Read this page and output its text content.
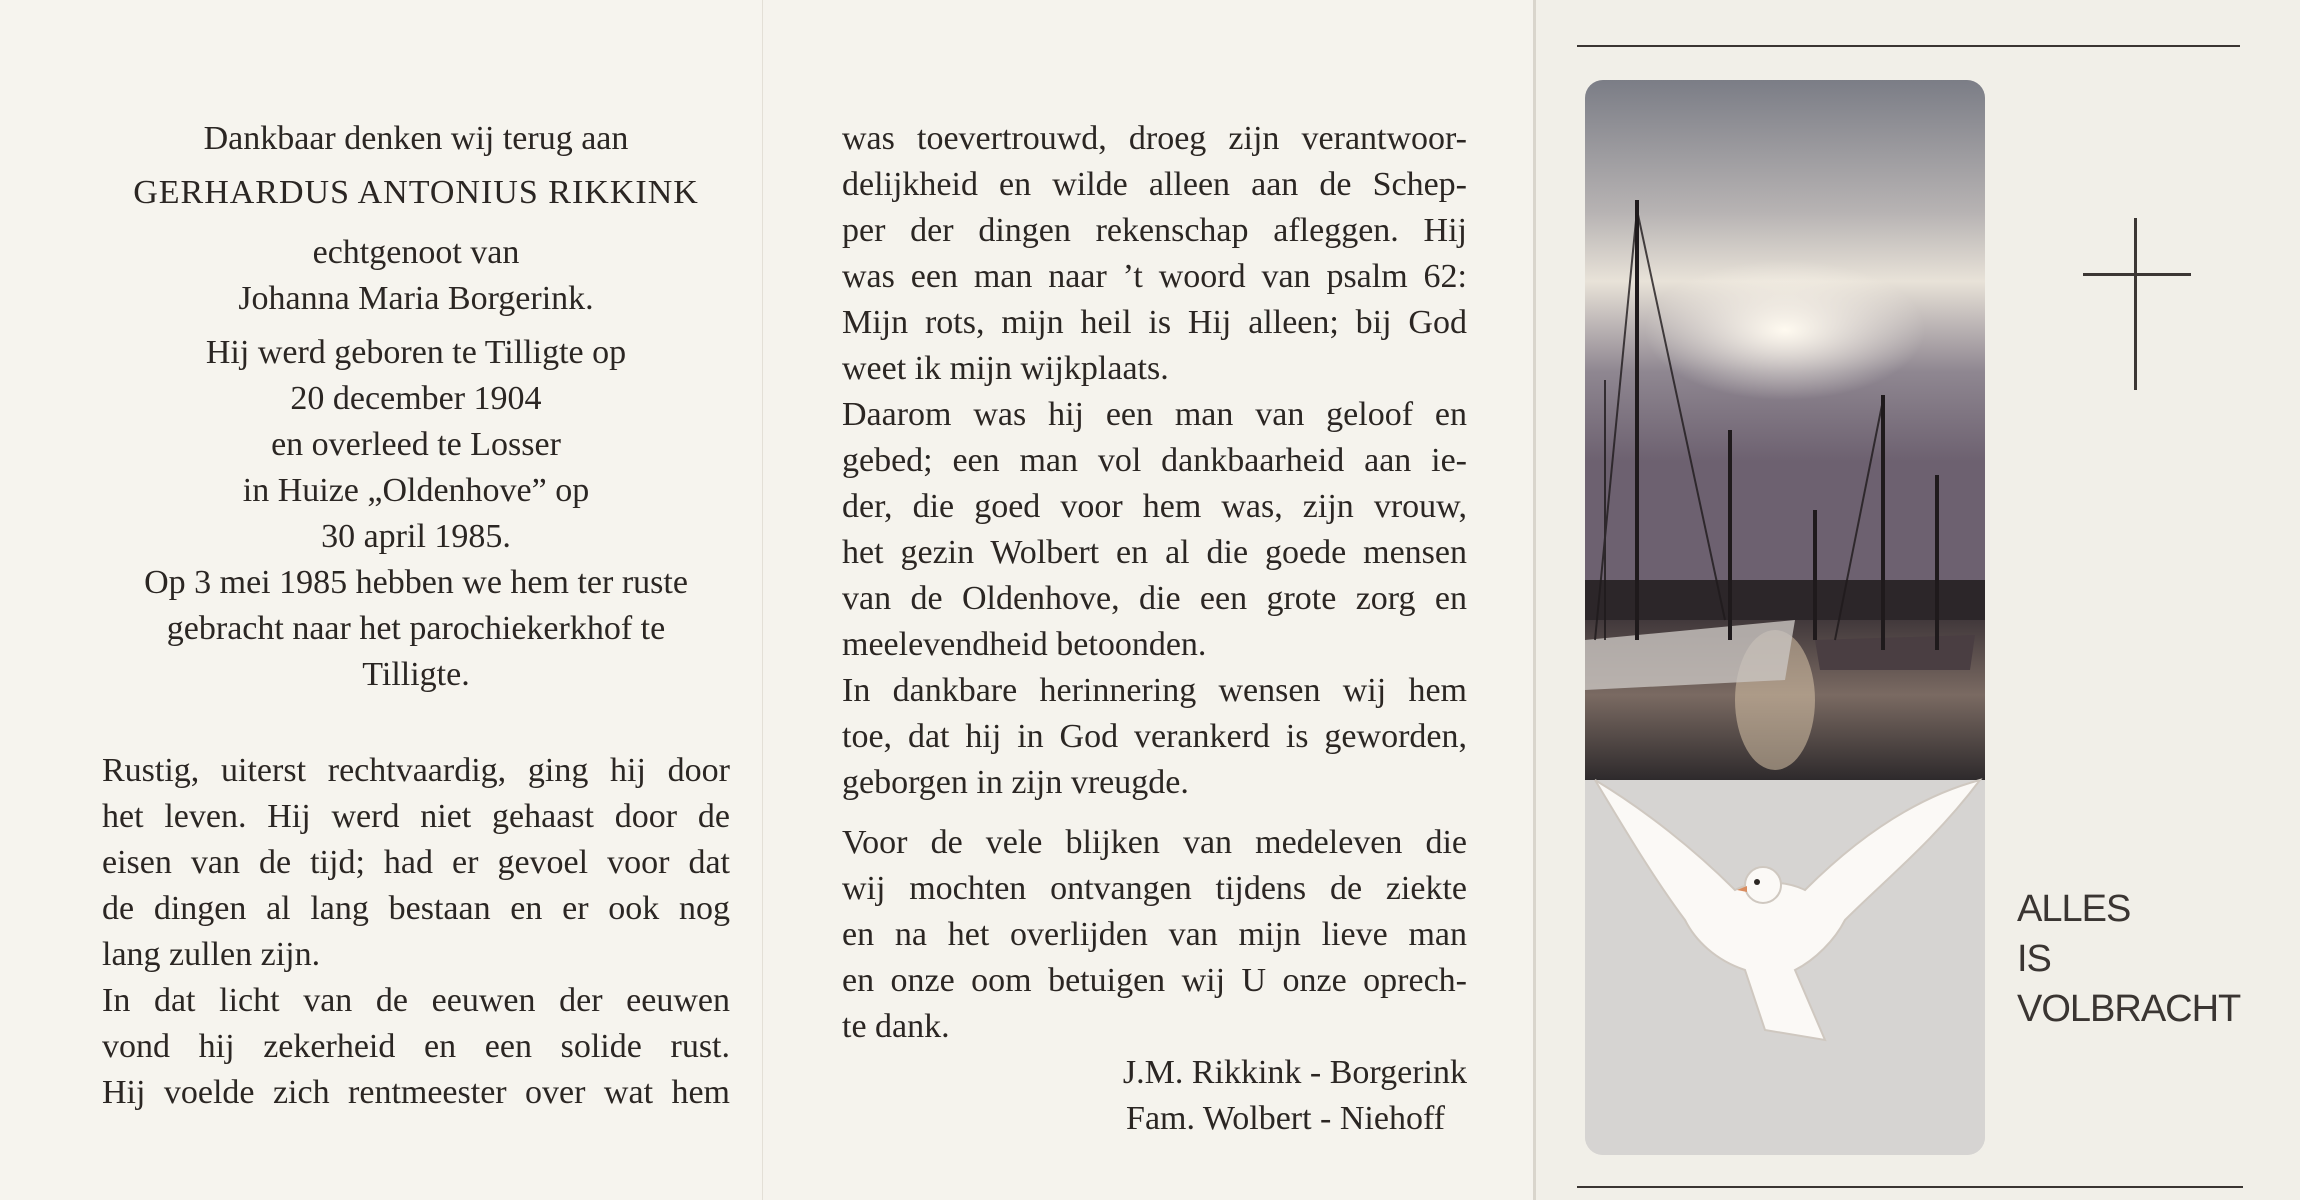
Dankbaar denken wij terug aan
GERHARDUS ANTONIUS RIKKINK
echtgenoot van
Johanna Maria Borgerink.
Hij werd geboren te Tilligte op
20 december 1904
en overleed te Losser
in Huize „Oldenhove” op
30 april 1985.
Op 3 mei 1985 hebben we hem ter ruste
gebracht naar het parochiekerkhof te
Tilligte.
Rustig, uiterst rechtvaardig, ging hij door
het leven. Hij werd niet gehaast door de
eisen van de tijd; had er gevoel voor dat
de dingen al lang bestaan en er ook nog
lang zullen zijn.
In dat licht van de eeuwen der eeuwen
vond hij zekerheid en een solide rust.
Hij voelde zich rentmeester over wat hem
was toevertrouwd, droeg zijn verantwoor-
delijkheid en wilde alleen aan de Schep-
per der dingen rekenschap afleggen. Hij
was een man naar ’t woord van psalm 62:
Mijn rots, mijn heil is Hij alleen; bij God
weet ik mijn wijkplaats.
Daarom was hij een man van geloof en
gebed; een man vol dankbaarheid aan ie-
der, die goed voor hem was, zijn vrouw,
het gezin Wolbert en al die goede mensen
van de Oldenhove, die een grote zorg en
meelevendheid betoonden.
In dankbare herinnering wensen wij hem
toe, dat hij in God verankerd is geworden,
geborgen in zijn vreugde.
Voor de vele blijken van medeleven die
wij mochten ontvangen tijdens de ziekte
en na het overlijden van mijn lieve man
en onze oom betuigen wij U onze oprech-
te dank.
J.M. Rikkink - Borgerink
Fam. Wolbert - Niehoff
ALLES
IS
VOLBRACHT
